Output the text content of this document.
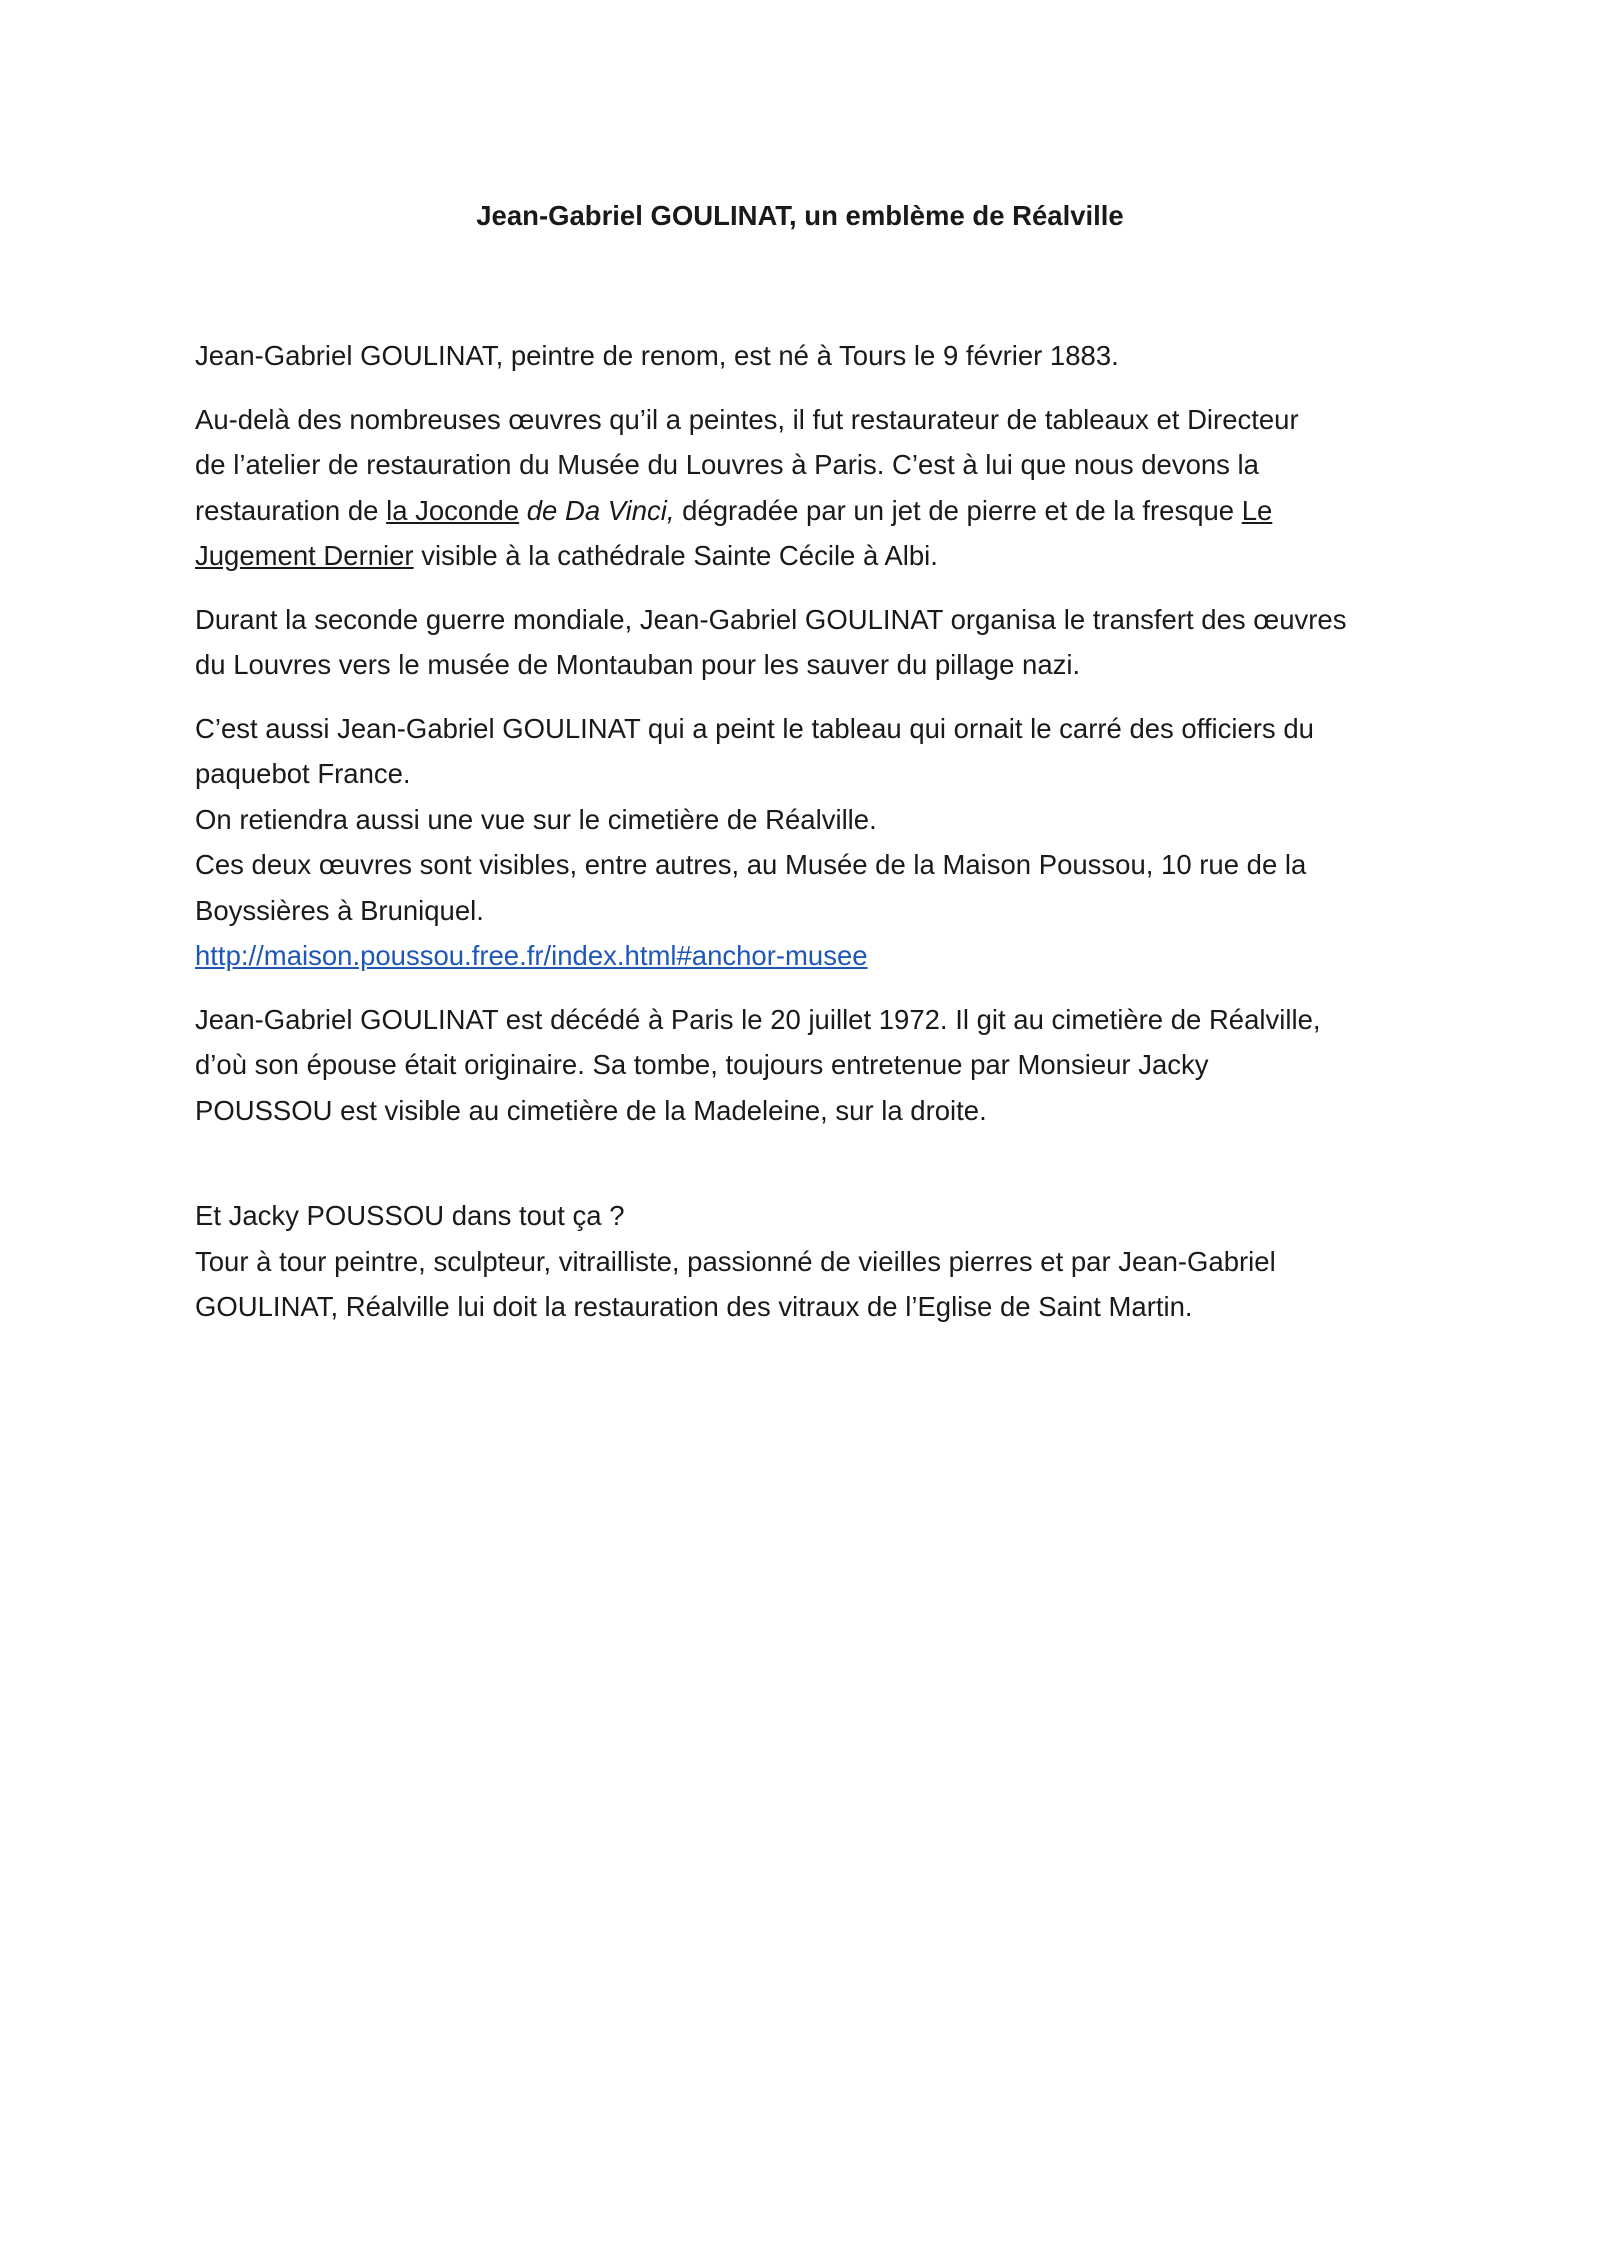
Jean-Gabriel GOULINAT, un emblème de Réalville
Jean-Gabriel GOULINAT, peintre de renom, est né à Tours le 9 février 1883.
Au-delà des nombreuses œuvres qu’il a peintes, il fut restaurateur de tableaux et Directeur
de l’atelier de restauration du Musée du Louvres à Paris. C’est à lui que nous devons la
restauration de la Joconde de Da Vinci, dégradée par un jet de pierre et de la fresque Le
Jugement Dernier visible à la cathédrale Sainte Cécile à Albi.
Durant la seconde guerre mondiale, Jean-Gabriel GOULINAT organisa le transfert des œuvres
du Louvres vers le musée de Montauban pour les sauver du pillage nazi.
C’est aussi Jean-Gabriel GOULINAT qui a peint le tableau qui ornait le carré des officiers du
paquebot France.
On retiendra aussi une vue sur le cimetière de Réalville.
Ces deux œuvres sont visibles, entre autres, au Musée de la Maison Poussou, 10 rue de la
Boyssières à Bruniquel.
http://maison.poussou.free.fr/index.html#anchor-musee
Jean-Gabriel GOULINAT est décédé à Paris le 20 juillet 1972. Il git au cimetière de Réalville,
d’où son épouse était originaire. Sa tombe, toujours entretenue par Monsieur Jacky
POUSSOU est visible au cimetière de la Madeleine, sur la droite.
Et Jacky POUSSOU dans tout ça ?
Tour à tour peintre, sculpteur, vitrailliste, passionné de vieilles pierres et par Jean-Gabriel
GOULINAT, Réalville lui doit la restauration des vitraux de l’Eglise de Saint Martin.
